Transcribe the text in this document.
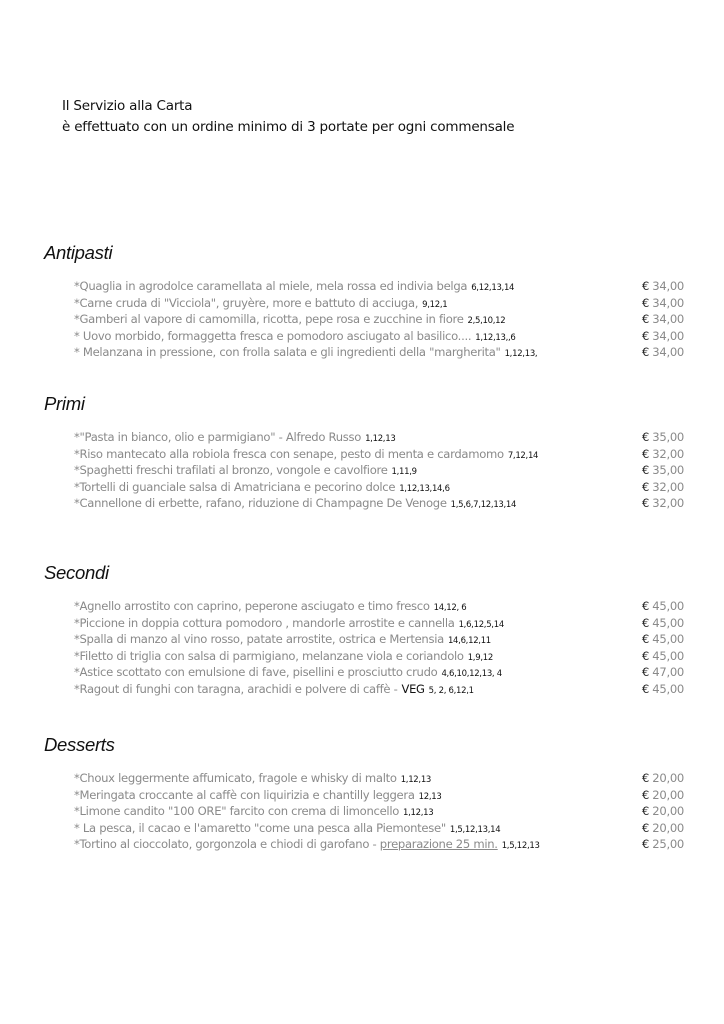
Il Servizio alla Carta
è effettuato con un ordine minimo di 3 portate per ogni commensale
Antipasti
*Quaglia in agrodolce caramellata al miele, mela rossa ed indivia belga 6,12,13,14	€ 34,00
*Carne cruda di "Vicciola", gruyère, more e battuto di acciuga, 9,12,1	€ 34,00
*Gamberi al vapore di camomilla, ricotta, pepe rosa e zucchine in fiore 2,5,10,12	€ 34,00
* Uovo morbido, formaggetta fresca e pomodoro asciugato al basilico.... 1,12,13,,6	€ 34,00
* Melanzana in pressione, con frolla salata e gli ingredienti della "margherita" 1,12,13,	€ 34,00
Primi
*"Pasta in bianco, olio e parmigiano" - Alfredo Russo 1,12,13	€ 35,00
*Riso mantecato alla robiola fresca con senape, pesto di menta e cardamomo 7,12,14	€ 32,00
*Spaghetti freschi trafilati al bronzo, vongole e cavolfiore 1,11,9	€ 35,00
*Tortelli di guanciale salsa di Amatriciana e pecorino dolce 1,12,13,14,6	€ 32,00
*Cannellone di erbette, rafano, riduzione di Champagne De Venoge 1,5,6,7,12,13,14	€ 32,00
Secondi
*Agnello arrostito con caprino, peperone asciugato e timo fresco 14,12, 6	€ 45,00
*Piccione in doppia cottura pomodoro , mandorle arrostite e cannella 1,6,12,5,14	€ 45,00
*Spalla di manzo al vino rosso, patate arrostite, ostrica e Mertensia 14,6,12,11	€ 45,00
*Filetto di triglia con salsa di parmigiano, melanzane viola e coriandolo 1,9,12	€ 45,00
*Astice scottato con emulsione di fave, pisellini e prosciutto crudo 4,6,10,12,13, 4	€ 47,00
*Ragout di funghi con taragna, arachidi e polvere di caffè - VEG 5, 2, 6,12,1	€ 45,00
Desserts
*Choux leggermente affumicato, fragole e whisky di malto 1,12,13	€ 20,00
*Meringata croccante al caffè con liquirizia e chantilly leggera 12,13	€ 20,00
*Limone candito "100 ORE" farcito con crema di limoncello 1,12,13	€ 20,00
* La pesca, il cacao e l'amaretto "come una pesca alla Piemontese" 1,5,12,13,14	€ 20,00
*Tortino al cioccolato, gorgonzola e chiodi di garofano - preparazione 25 min. 1,5,12,13	€ 25,00
